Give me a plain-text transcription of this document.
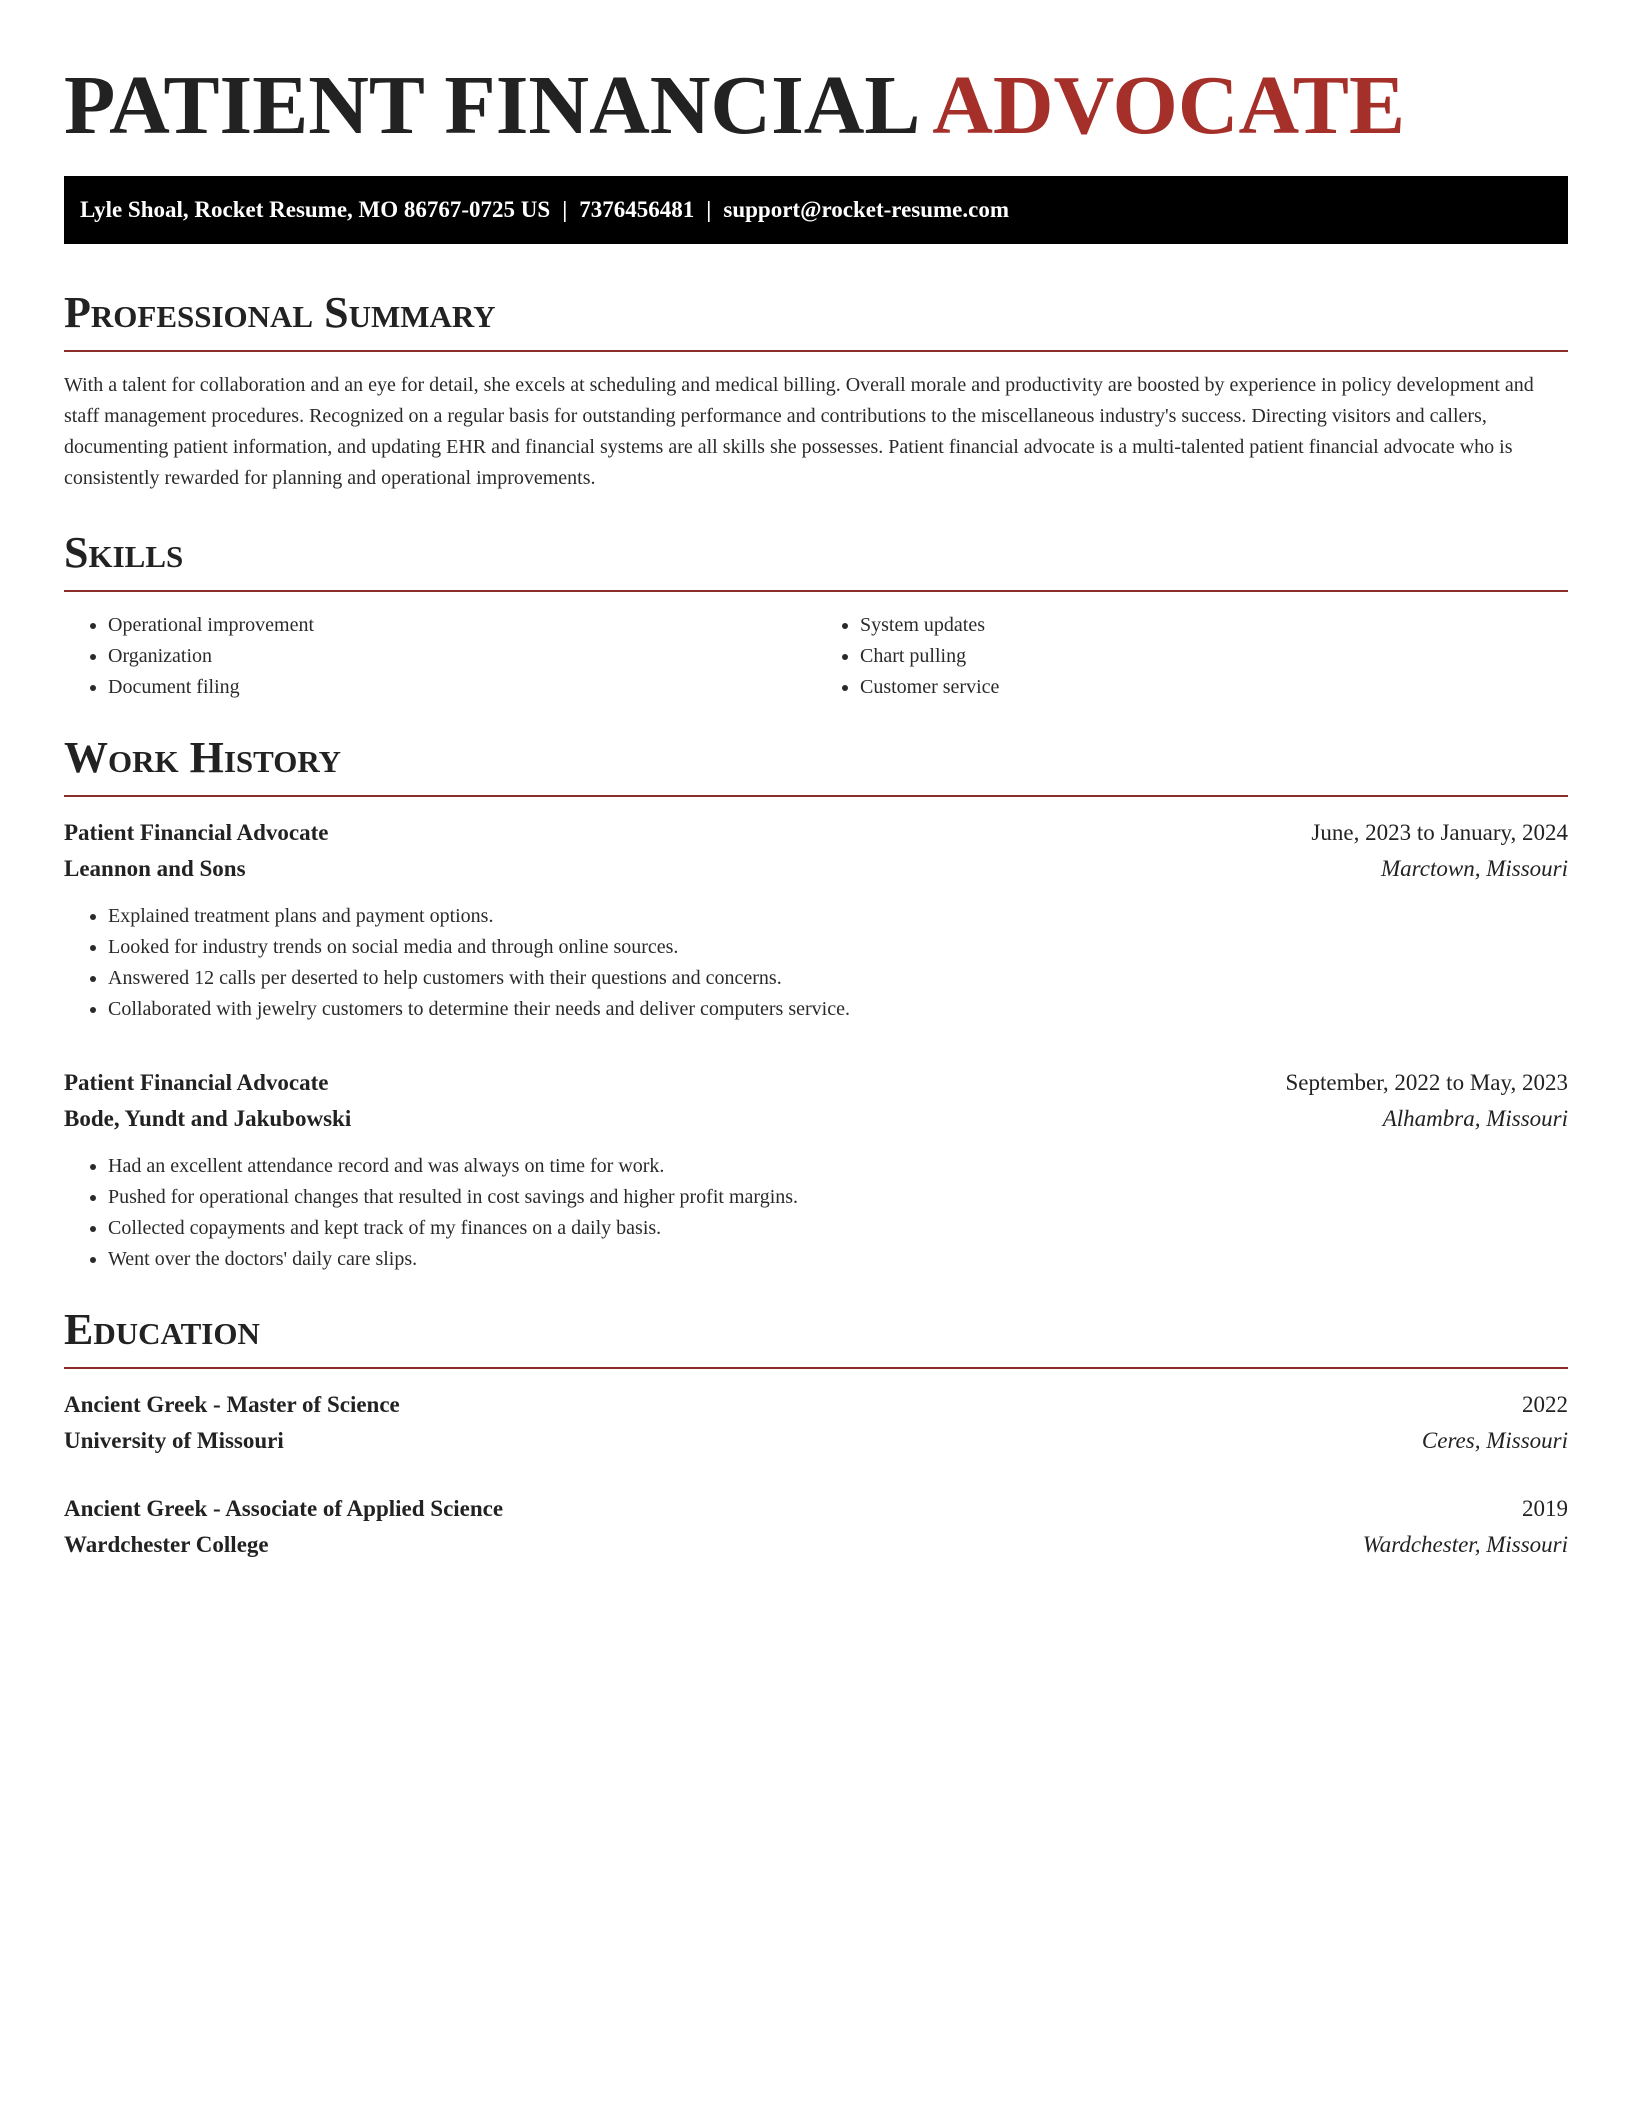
PATIENT FINANCIAL ADVOCATE
Lyle Shoal, Rocket Resume, MO 86767-0725 US | 7376456481 | support@rocket-resume.com
Professional Summary

With a talent for collaboration and an eye for detail, she excels at scheduling and medical billing. Overall morale and productivity are boosted by experience in policy development and staff management procedures. Recognized on a regular basis for outstanding performance and contributions to the miscellaneous industry's success. Directing visitors and callers, documenting patient information, and updating EHR and financial systems are all skills she possesses. Patient financial advocate is a multi-talented patient financial advocate who is consistently rewarded for planning and operational improvements.

Skills
• Operational improvement
• Organization
• Document filing
• System updates
• Chart pulling
• Customer service
Work History
Patient Financial Advocate	June, 2023 to January, 2024
Leannon and Sons	Marctown, Missouri
• Explained treatment plans and payment options.
• Looked for industry trends on social media and through online sources.
• Answered 12 calls per deserted to help customers with their questions and concerns.
• Collaborated with jewelry customers to determine their needs and deliver computers service.
Patient Financial Advocate	September, 2022 to May, 2023
Bode, Yundt and Jakubowski	Alhambra, Missouri
• Had an excellent attendance record and was always on time for work.
• Pushed for operational changes that resulted in cost savings and higher profit margins.
• Collected copayments and kept track of my finances on a daily basis.
• Went over the doctors' daily care slips.
Education
Ancient Greek - Master of Science	2022
University of Missouri	Ceres, Missouri
Ancient Greek - Associate of Applied Science	2019
Wardchester College	Wardchester, Missouri
